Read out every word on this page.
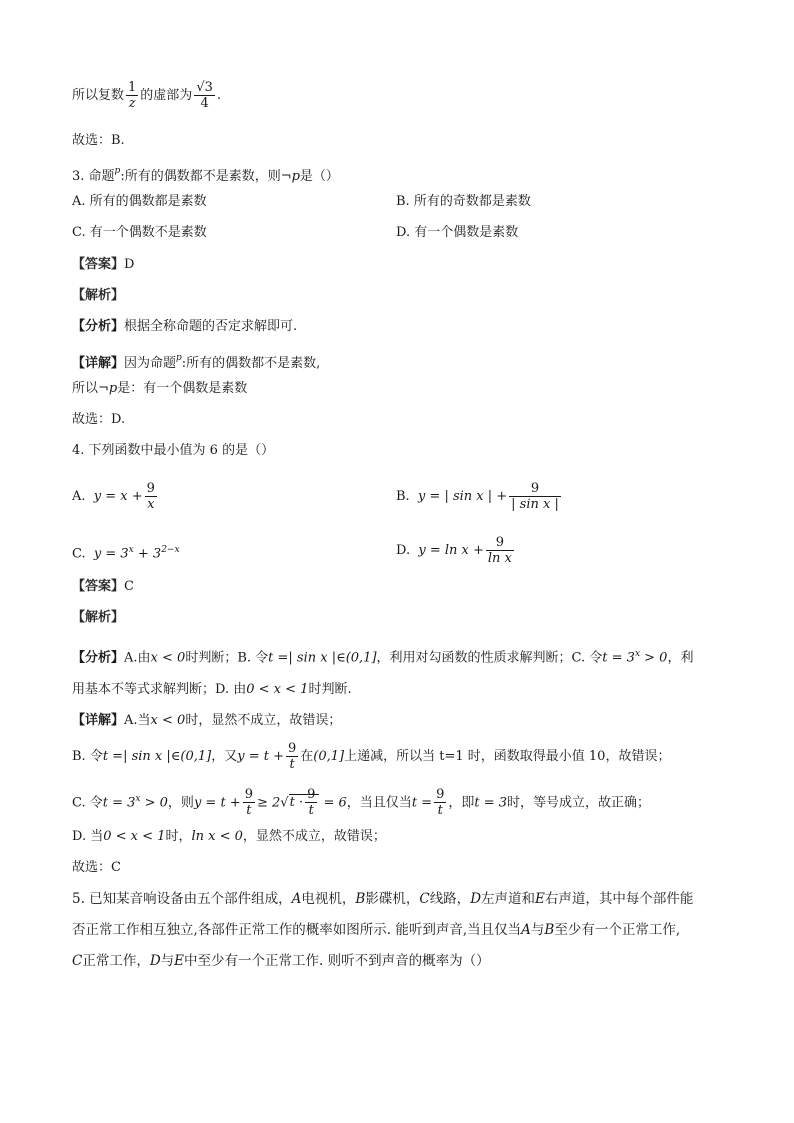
所以复数 $\frac{1}{z}$ 的虚部为 $\frac{√3}{4}$ .
故选：B.
3. 命题$^p$:所有的偶数都不是素数，则¬p是（）
A. 所有的偶数都是素数	B. 所有的奇数都是素数
C. 有一个偶数不是素数	D. 有一个偶数是素数
【答案】D
【解析】
【分析】根据全称命题的否定求解即可.
【详解】因为命题$^p$:所有的偶数都不是素数,
所以¬p是：有一个偶数是素数
故选：D.
4. 下列函数中最小值为 6 的是（）
A. $y = x + \frac{9}{x}$	B. y = | sin x | + $\frac{9}{\text{| sin x |}}$
C. $y = 3^x + 3^{2-x}$	D. $y = \ln x + \frac{9}{\text{ln x}}$
【答案】C
【解析】
【分析】A.由x < 0时判断；B. 令t =| sin x |∈(0,1]，利用对勾函数的性质求解判断；C. 令$t = 3^x > 0$，利
用基本不等式求解判断；D. 由0 < x < 1时判断.
【详解】A.当x < 0时，显然不成立，故错误；
B. 令t =| sin x |∈(0,1]，又$y = t + \frac{9}{t}$ 在(0,1]上递减，所以当 t=1 时，函数取得最小值 10，故错误；
C. 令$t = 3^x > 0$，则$y = t + \frac{9}{t} \ge 2√t \cdot \frac{9}{t} = 6$，当且仅当$t = \frac{9}{t}$ ，即t = 3时，等号成立，故正确；
D. 当0 < x < 1时，ln x < 0，显然不成立，故错误；
故选：C
5. 已知某音响设备由五个部件组成，A电视机，B影碟机，C线路，D左声道和E右声道，其中每个部件能
否正常工作相互独立,各部件正常工作的概率如图所示. 能听到声音,当且仅当A与B至少有一个正常工作,
C正常工作，D与E中至少有一个正常工作. 则听不到声音的概率为（）
